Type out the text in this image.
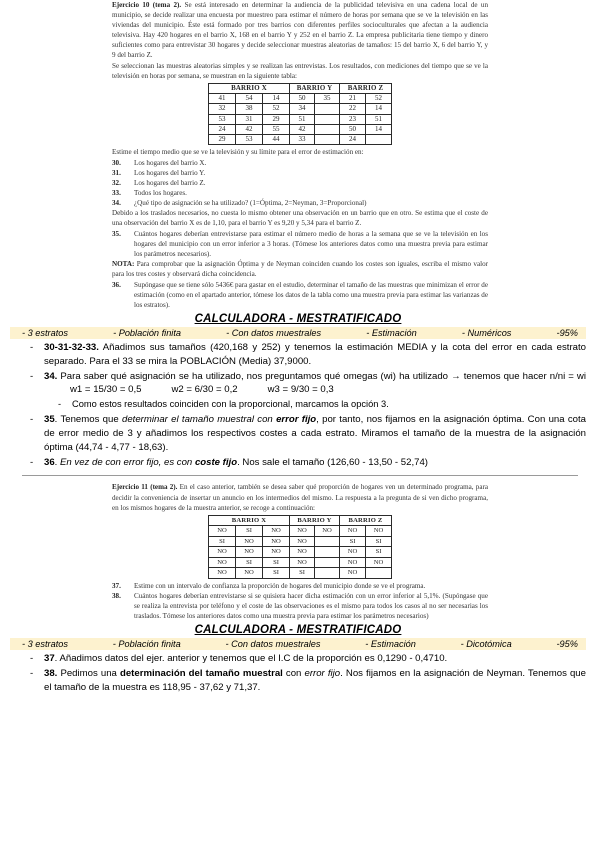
Ejercicio 10 (tema 2). Se está interesado en determinar la audiencia de la publicidad televisiva en una cadena local de un municipio, se decide realizar una encuesta por muestreo para estimar el número de horas por semana que se ve la televisión en las viviendas del municipio. Éste está formado por tres barrios con diferentes perfiles socioculturales que afectan a la audiencia televisiva. Hay 420 hogares en el barrio X, 168 en el barrio Y y 252 en el barrio Z. La empresa publicitaria tiene tiempo y dinero suficientes como para entrevistar 30 hogares y decide seleccionar muestras aleatorias de tamaños: 15 del barrio X, 6 del barrio Y, y 9 del barrio Z.

Se seleccionan las muestras aleatorias simples y se realizan las entrevistas. Los resultados, con mediciones del tiempo que se ve la televisión en horas por semana, se muestran en la siguiente tabla:

BARRIO X			BARRIO Y		BARRIO Z	
41	54	14	50	35	21	52
32	38	52	34		22	14
53	31	29	51		23	51
24	42	55	42		50	14
29	53	44	33		24	

Estime el tiempo medio que se ve la televisión y su límite para el error de estimación en:

30.	Los hogares del barrio X.
31.	Los hogares del barrio Y.
32.	Los hogares del barrio Z.
33.	Todos los hogares.
34.	¿Qué tipo de asignación se ha utilizado? (1=Óptima, 2=Neyman, 3=Proporcional)

Debido a los traslados necesarios, no cuesta lo mismo obtener una observación en un barrio que en otro. Se estima que el coste de una observación del barrio X es de 1,10, para el barrio Y es 9,20 y 5,34 para el barrio Z.

35.	Cuántos hogares deberían entrevistarse para estimar el número medio de horas a la semana que se ve la televisión en los hogares del municipio con un error inferior a 3 horas. (Tómese los anteriores datos como una muestra previa para estimar los parámetros necesarios).

NOTA: Para comprobar que la asignación Óptima y de Neyman coinciden cuando los costes son iguales, escriba el mismo valor para los tres costes y observará dicha coincidencia.

36.	Supóngase que se tiene sólo 5436€ para gastar en el estudio, determinar el tamaño de las muestras que minimizan el error de estimación (como en el apartado anterior, tómese los datos de la tabla como una muestra previa para estimar las varianzas de los estratos).
CALCULADORA - MESTRATIFICADO
- 3 estratos	- Población finita	- Con datos muestrales	- Estimación	- Numéricos	-95%
- 30-31-32-33. Añadimos sus tamaños (420,168 y 252) y tenemos la estimación MEDIA y la cota del error en cada estrato separado. Para el 33 se mira la POBLACIÓN (Media) 37,9000.
- 34. Para saber qué asignación se ha utilizado, nos preguntamos qué omegas (wi) ha utilizado → tenemos que hacer n/ni = wiw1 = 15/30 = 0,5	w2 = 6/30 = 0,2	w3 = 9/30 = 0,3
- Como estos resultados coinciden con la proporcional, marcamos la opción 3.
- 35. Tenemos que determinar el tamaño muestral con error fijo, por tanto, nos fijamos en la asignación óptima. Con una cota de error medio de 3 y añadimos los respectivos costes a cada estrato. Miramos el tamaño de la muestra de la asignación óptima (44,74 - 4,77 - 18,63).
- 36. En vez de con error fijo, es con coste fijo. Nos sale el tamaño (126,60 - 13,50 - 52,74)

Ejercicio 11 (tema 2). En el caso anterior, también se desea saber qué proporción de hogares ven un determinado programa, para decidir la conveniencia de insertar un anuncio en los intermedios del mismo. La respuesta a la pregunta de si ven dicho programa, en los mismos hogares de la muestra anterior, se recoge a continuación:

BARRIO X			BARRIO Y		BARRIO Z	
NO	SI	NO	NO	NO	NO	NO
SI	NO	NO	NO		SI	SI
NO	NO	NO	NO		NO	SI
NO	SI	SI	NO		NO	NO
NO	NO	SI	SI		NO	
37.	Estime con un intervalo de confianza la proporción de hogares del municipio donde se ve el programa.
38.	Cuántos hogares deberían entrevistarse si se quisiera hacer dicha estimación con un error inferior al 5,1%. (Supóngase que se realiza la entrevista por teléfono y el coste de las observaciones es el mismo para todos los casos al no ser necesarias los traslados. Tómese los anteriores datos como una muestra previa para estimar los parámetros necesarios)
CALCULADORA - MESTRATIFICADO
- 3 estratos	- Población finita	- Con datos muestrales	- Estimación	- Dicotómica	-95%
- 37. Añadimos datos del ejer. anterior y tenemos que el I.C de la proporción es 0,1290 - 0,4710.
- 38. Pedimos una determinación del tamaño muestral con error fijo. Nos fijamos en la asignación de Neyman. Tenemos que el tamaño de la muestra es 118,95 - 37,62 y 71,37.
